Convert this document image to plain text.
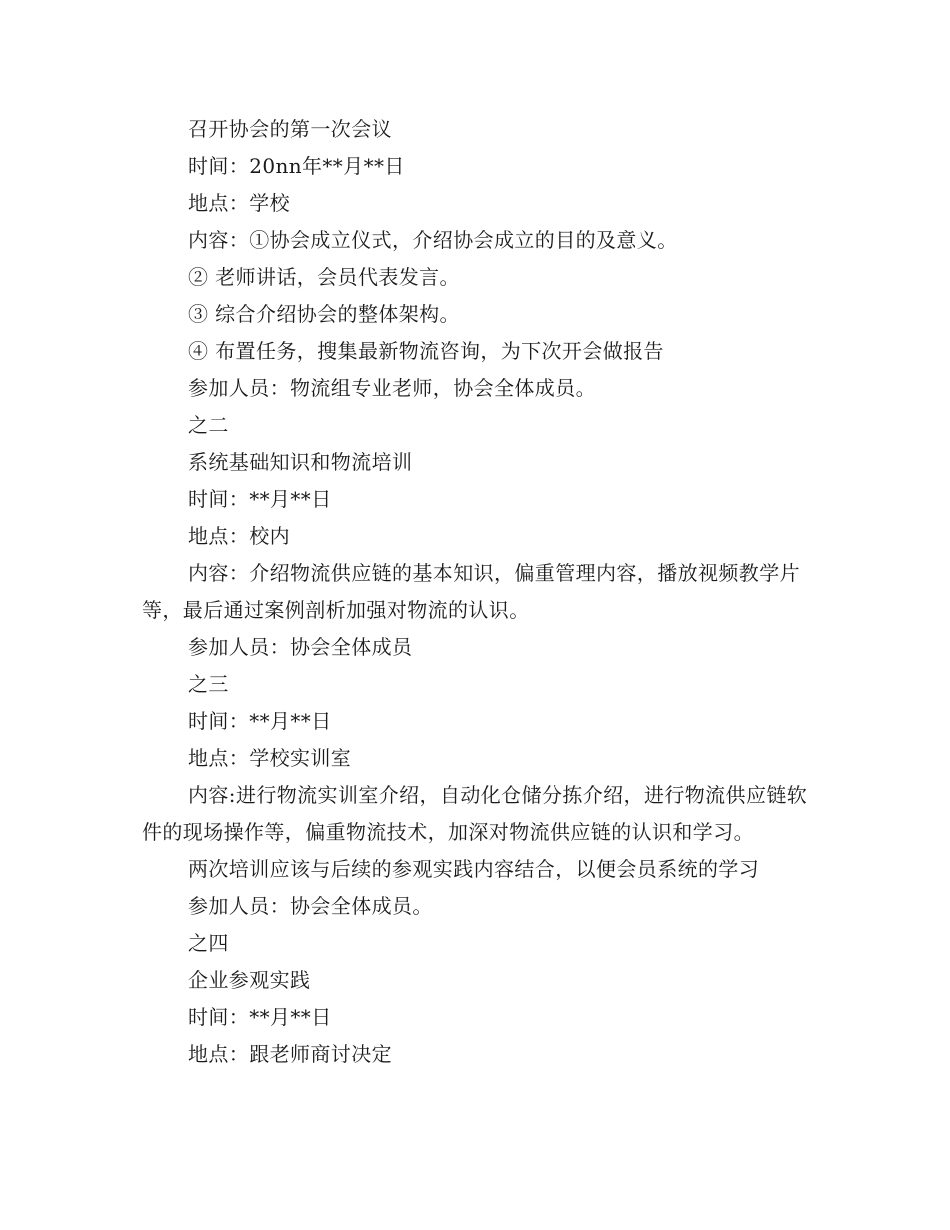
召开协会的第一次会议

时间：20nn年**月**日

地点：学校

内容：①协会成立仪式，介绍协会成立的目的及意义。

② 老师讲话，会员代表发言。

③ 综合介绍协会的整体架构。

④ 布置任务，搜集最新物流咨询，为下次开会做报告

参加人员：物流组专业老师，协会全体成员。

之二

系统基础知识和物流培训

时间：**月**日

地点：校内

内容：介绍物流供应链的基本知识，偏重管理内容，播放视频教学片等，最后通过案例剖析加强对物流的认识。

参加人员：协会全体成员

之三

时间：**月**日

地点：学校实训室

内容:进行物流实训室介绍，自动化仓储分拣介绍，进行物流供应链软件的现场操作等，偏重物流技术，加深对物流供应链的认识和学习。

两次培训应该与后续的参观实践内容结合，以便会员系统的学习

参加人员：协会全体成员。

之四

企业参观实践

时间：**月**日

地点：跟老师商讨决定
